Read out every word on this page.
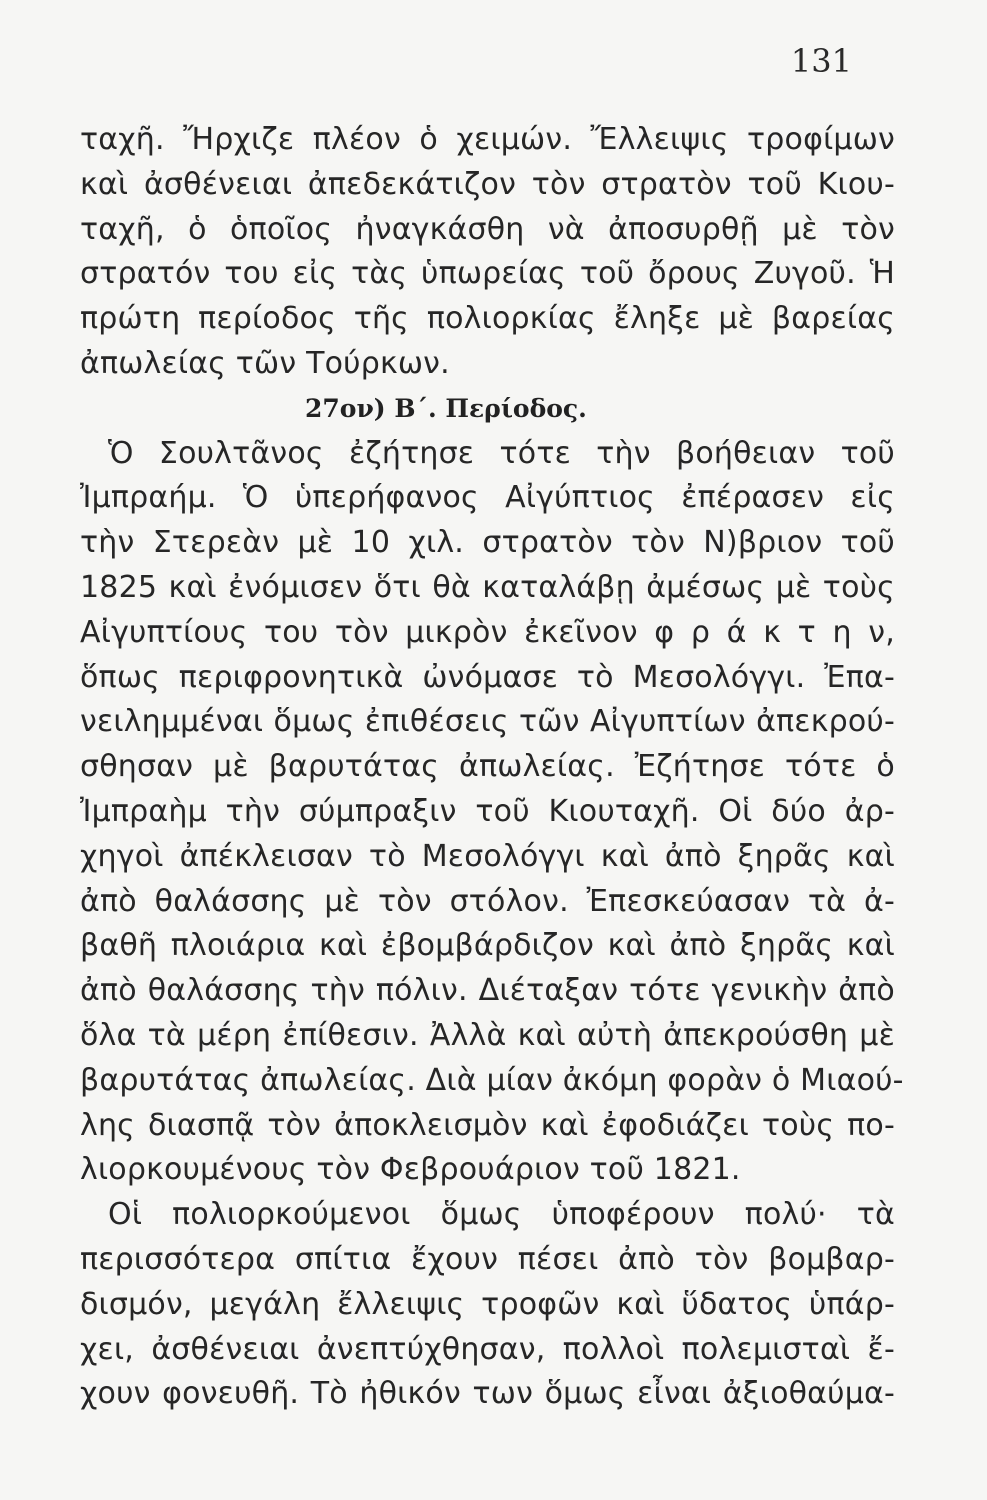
131
ταχῆ. Ἤρχιζε πλέον ὁ χειμών. Ἔλλειψις τροφίμων
καὶ ἀσθένειαι ἀπεδεκάτιζον τὸν στρατὸν τοῦ Κιου-
ταχῆ, ὁ ὁποῖος ἠναγκάσθη νὰ ἀποσυρθῇ μὲ τὸν
στρατόν του εἰς τὰς ὑπωρείας τοῦ ὄρους Ζυγοῦ. Ἡ
πρώτη περίοδος τῆς πολιορκίας ἔληξε μὲ βαρείας
ἀπωλείας τῶν Τούρκων.
27ον) Β΄. Περίοδος.
Ὁ Σουλτᾶνος ἐζήτησε τότε τὴν βοήθειαν τοῦ
Ἰμπραήμ. Ὁ ὑπερήφανος Αἰγύπτιος ἐπέρασεν εἰς
τὴν Στερεὰν μὲ 10 χιλ. στρατὸν τὸν Ν)βριον τοῦ
1825 καὶ ἐνόμισεν ὅτι θὰ καταλάβῃ ἀμέσως μὲ τοὺς
Αἰγυπτίους του τὸν μικρὸν ἐκεῖνον φ ρ ά κ τ η ν,
ὅπως περιφρονητικὰ ὠνόμασε τὸ Μεσολόγγι. Ἐπα-
νειλημμέναι ὅμως ἐπιθέσεις τῶν Αἰγυπτίων ἀπεκρού-
σθησαν μὲ βαρυτάτας ἀπωλείας. Ἐζήτησε τότε ὁ
Ἰμπραὴμ τὴν σύμπραξιν τοῦ Κιουταχῆ. Οἱ δύο ἀρ-
χηγοὶ ἀπέκλεισαν τὸ Μεσολόγγι καὶ ἀπὸ ξηρᾶς καὶ
ἀπὸ θαλάσσης μὲ τὸν στόλον. Ἐπεσκεύασαν τὰ ἀ-
βαθῆ πλοιάρια καὶ ἐβομβάρδιζον καὶ ἀπὸ ξηρᾶς καὶ
ἀπὸ θαλάσσης τὴν πόλιν. Διέταξαν τότε γενικὴν ἀπὸ
ὅλα τὰ μέρη ἐπίθεσιν. Ἀλλὰ καὶ αὐτὴ ἀπεκρούσθη μὲ
βαρυτάτας ἀπωλείας. Διὰ μίαν ἀκόμη φορὰν ὁ Μιαού-
λης διασπᾷ τὸν ἀποκλεισμὸν καὶ ἐφοδιάζει τοὺς πο-
λιορκουμένους τὸν Φεβρουάριον τοῦ 1821.
Οἱ πολιορκούμενοι ὅμως ὑποφέρουν πολύ· τὰ
περισσότερα σπίτια ἔχουν πέσει ἀπὸ τὸν βομβαρ-
δισμόν, μεγάλη ἔλλειψις τροφῶν καὶ ὕδατος ὑπάρ-
χει, ἀσθένειαι ἀνεπτύχθησαν, πολλοὶ πολεμισταὶ ἔ-
χουν φονευθῆ. Τὸ ἠθικόν των ὅμως εἶναι ἀξιοθαύμα-
